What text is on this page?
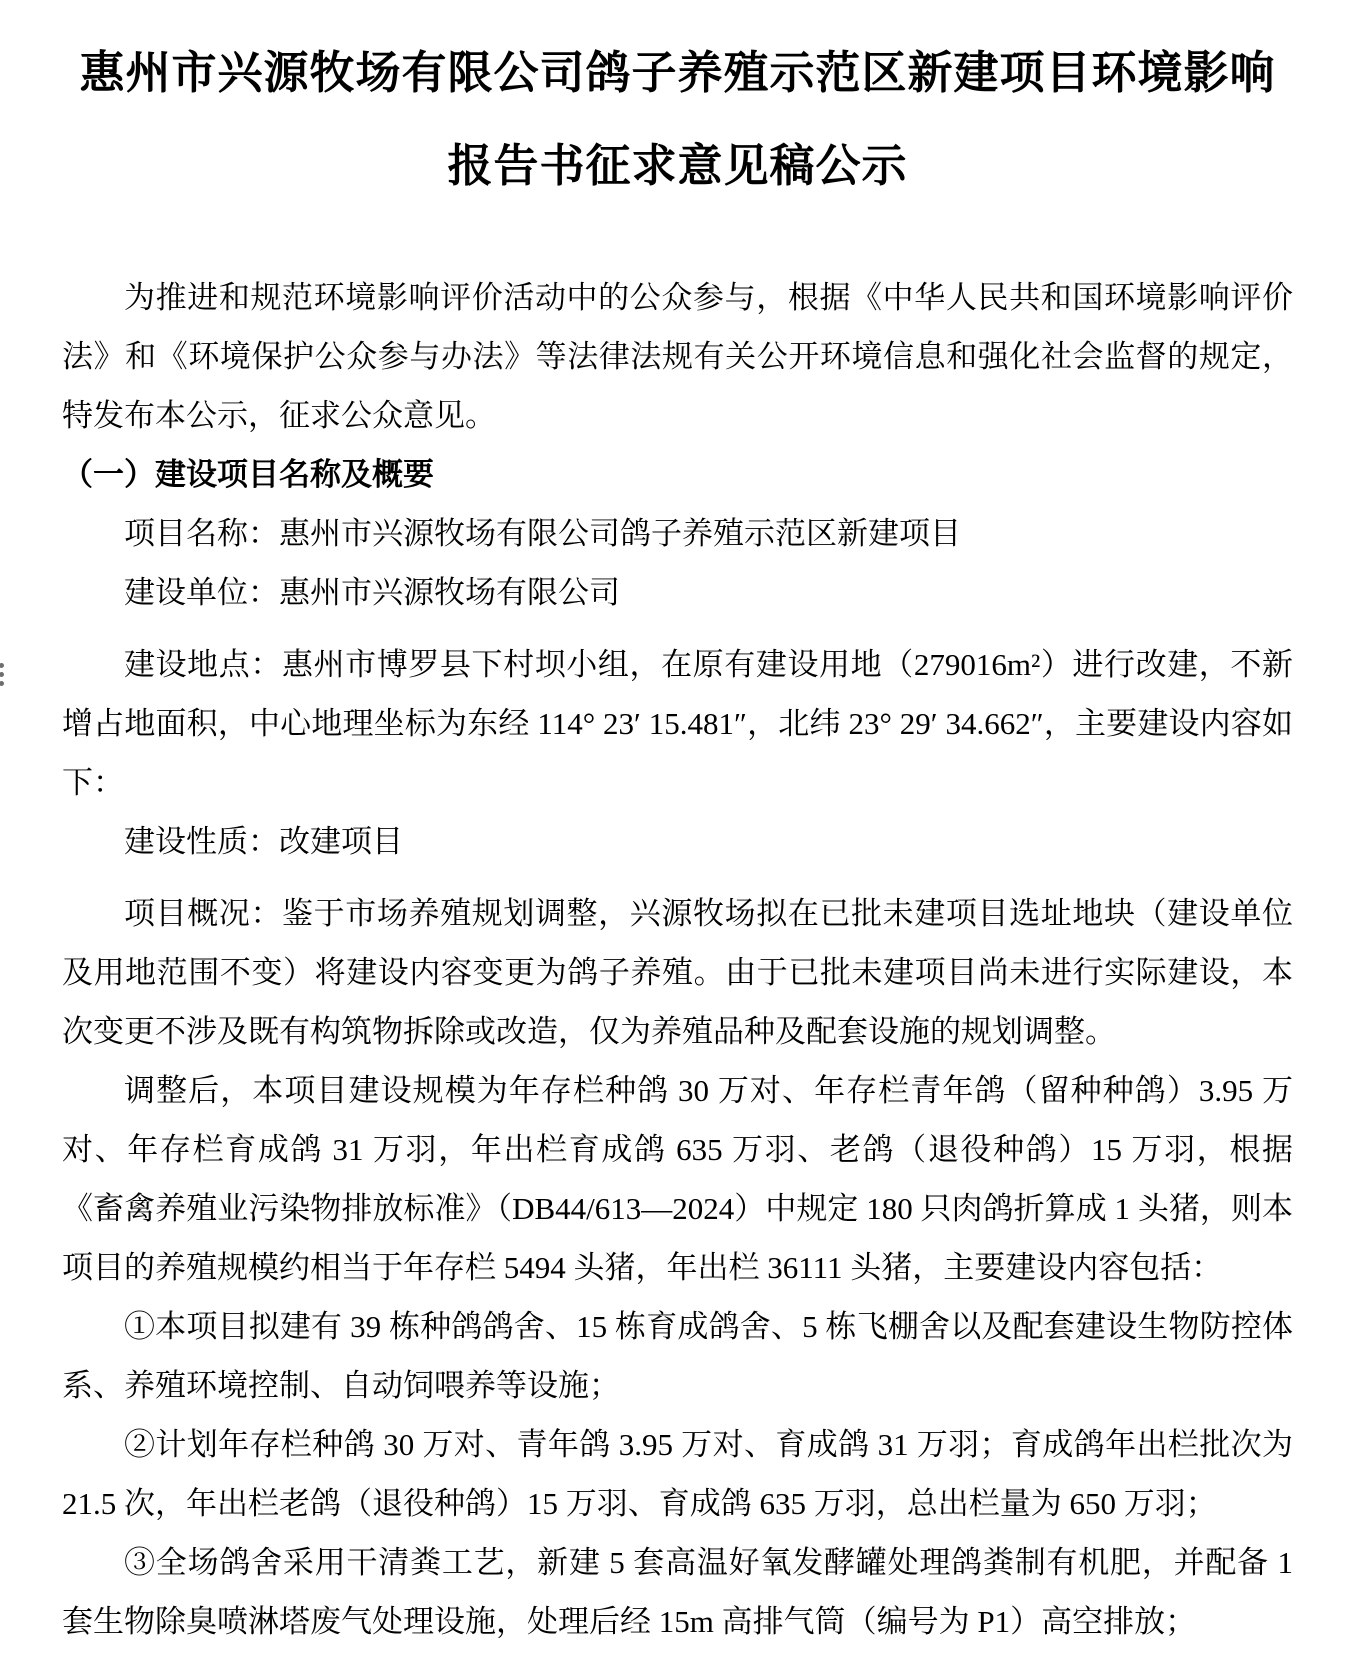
惠州市兴源牧场有限公司鸽子养殖示范区新建项目环境影响
报告书征求意见稿公示

为推进和规范环境影响评价活动中的公众参与，根据《中华人民共和国环境影响评价法》和《环境保护公众参与办法》等法律法规有关公开环境信息和强化社会监督的规定，特发布本公示，征求公众意见。

（一）建设项目名称及概要

项目名称：惠州市兴源牧场有限公司鸽子养殖示范区新建项目

建设单位：惠州市兴源牧场有限公司

建设地点：惠州市博罗县下村坝小组，在原有建设用地（279016m²）进行改建，不新增占地面积，中心地理坐标为东经 114° 23′ 15.481″，北纬 23° 29′ 34.662″，主要建设内容如下：

建设性质：改建项目

项目概况：鉴于市场养殖规划调整，兴源牧场拟在已批未建项目选址地块（建设单位及用地范围不变）将建设内容变更为鸽子养殖。由于已批未建项目尚未进行实际建设，本次变更不涉及既有构筑物拆除或改造，仅为养殖品种及配套设施的规划调整。

调整后，本项目建设规模为年存栏种鸽 30 万对、年存栏青年鸽（留种种鸽）3.95 万对、年存栏育成鸽 31 万羽，年出栏育成鸽 635 万羽、老鸽（退役种鸽）15 万羽，根据《畜禽养殖业污染物排放标准》（DB44/613—2024）中规定 180 只肉鸽折算成 1 头猪，则本项目的养殖规模约相当于年存栏 5494 头猪，年出栏 36111 头猪，主要建设内容包括：

①本项目拟建有 39 栋种鸽鸽舍、15 栋育成鸽舍、5 栋飞棚舍以及配套建设生物防控体系、养殖环境控制、自动饲喂养等设施；

②计划年存栏种鸽 30 万对、青年鸽 3.95 万对、育成鸽 31 万羽；育成鸽年出栏批次为 21.5 次，年出栏老鸽（退役种鸽）15 万羽、育成鸽 635 万羽，总出栏量为 650 万羽；

③全场鸽舍采用干清粪工艺，新建 5 套高温好氧发酵罐处理鸽粪制有机肥，并配备 1 套生物除臭喷淋塔废气处理设施，处理后经 15m 高排气筒（编号为 P1）高空排放；
